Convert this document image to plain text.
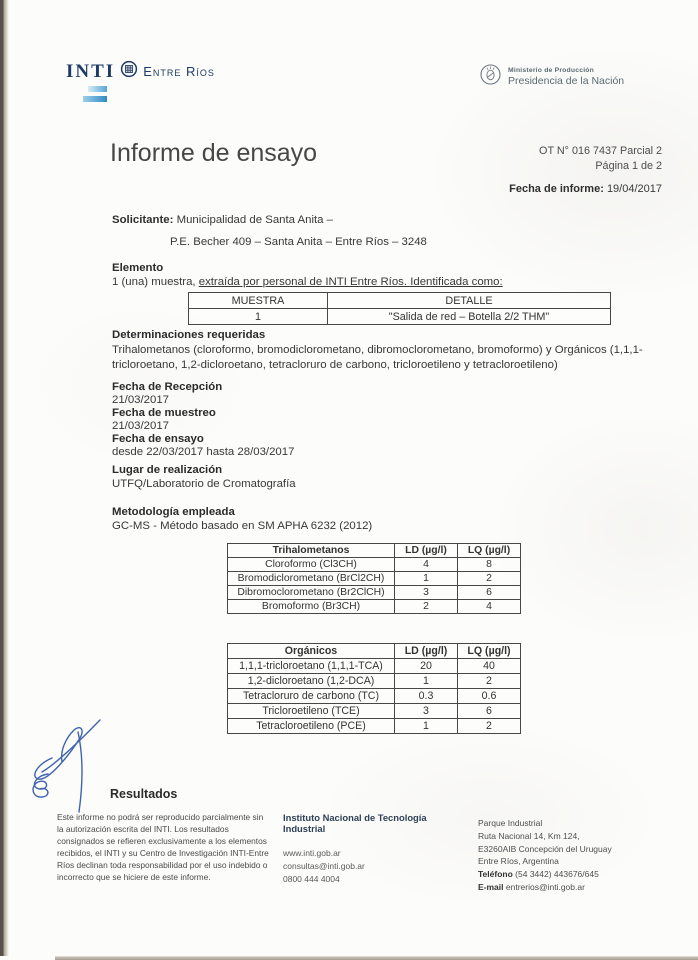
INTI Entre Ríos	Ministerio de Producción
Presidencia de la Nación
Informe de ensayo	OT N° 016 7437 Parcial 2
Página 1 de 2
Fecha de informe: 19/04/2017
Solicitante: Municipalidad de Santa Anita –
P.E. Becher 409 – Santa Anita – Entre Ríos – 3248
Elemento
1 (una) muestra, extraída por personal de INTI Entre Ríos. Identificada como:
MUESTRA	DETALLE
1	"Salida de red – Botella 2/2 THM"
Determinaciones requeridas
Trihalometanos (cloroformo, bromodiclorometano, dibromoclorometano, bromoformo) y Orgánicos (1,1,1-tricloroetano, 1,2-dicloroetano, tetracloruro de carbono, tricloroetileno y tetracloroetileno)
Fecha de Recepción
21/03/2017
Fecha de muestreo
21/03/2017
Fecha de ensayo
desde 22/03/2017 hasta 28/03/2017
Lugar de realización
UTFQ/Laboratorio de Cromatografía
Metodología empleada
GC-MS - Método basado en SM APHA 6232 (2012)
Trihalometanos	LD (µg/l)	LQ (µg/l)
Cloroformo (Cl3CH)	4	8
Bromodiclorometano (BrCl2CH)	1	2
Dibromoclorometano (Br2ClCH)	3	6
Bromoformo (Br3CH)	2	4
Orgánicos	LD (µg/l)	LQ (µg/l)
1,1,1-tricloroetano (1,1,1-TCA)	20	40
1,2-dicloroetano (1,2-DCA)	1	2
Tetracloruro de carbono (TC)	0.3	0.6
Tricloroetileno (TCE)	3	6
Tetracloroetileno (PCE)	1	2
Resultados
Este informe no podrá ser reproducido parcialmente sin la autorización escrita del INTI. Los resultados consignados se refieren exclusivamente a los elementos recibidos, el INTI y su Centro de Investigación INTI-Entre Ríos declinan toda responsabilidad por el uso indebido o incorrecto que se hiciere de este informe.
Instituto Nacional de Tecnología Industrial
www.inti.gob.ar
consultas@inti.gob.ar
0800 444 4004
Parque Industrial
Ruta Nacional 14, Km 124,
E3260AIB Concepción del Uruguay
Entre Ríos, Argentina
Teléfono (54 3442) 443676/645
E-mail entrerios@inti.gob.ar
